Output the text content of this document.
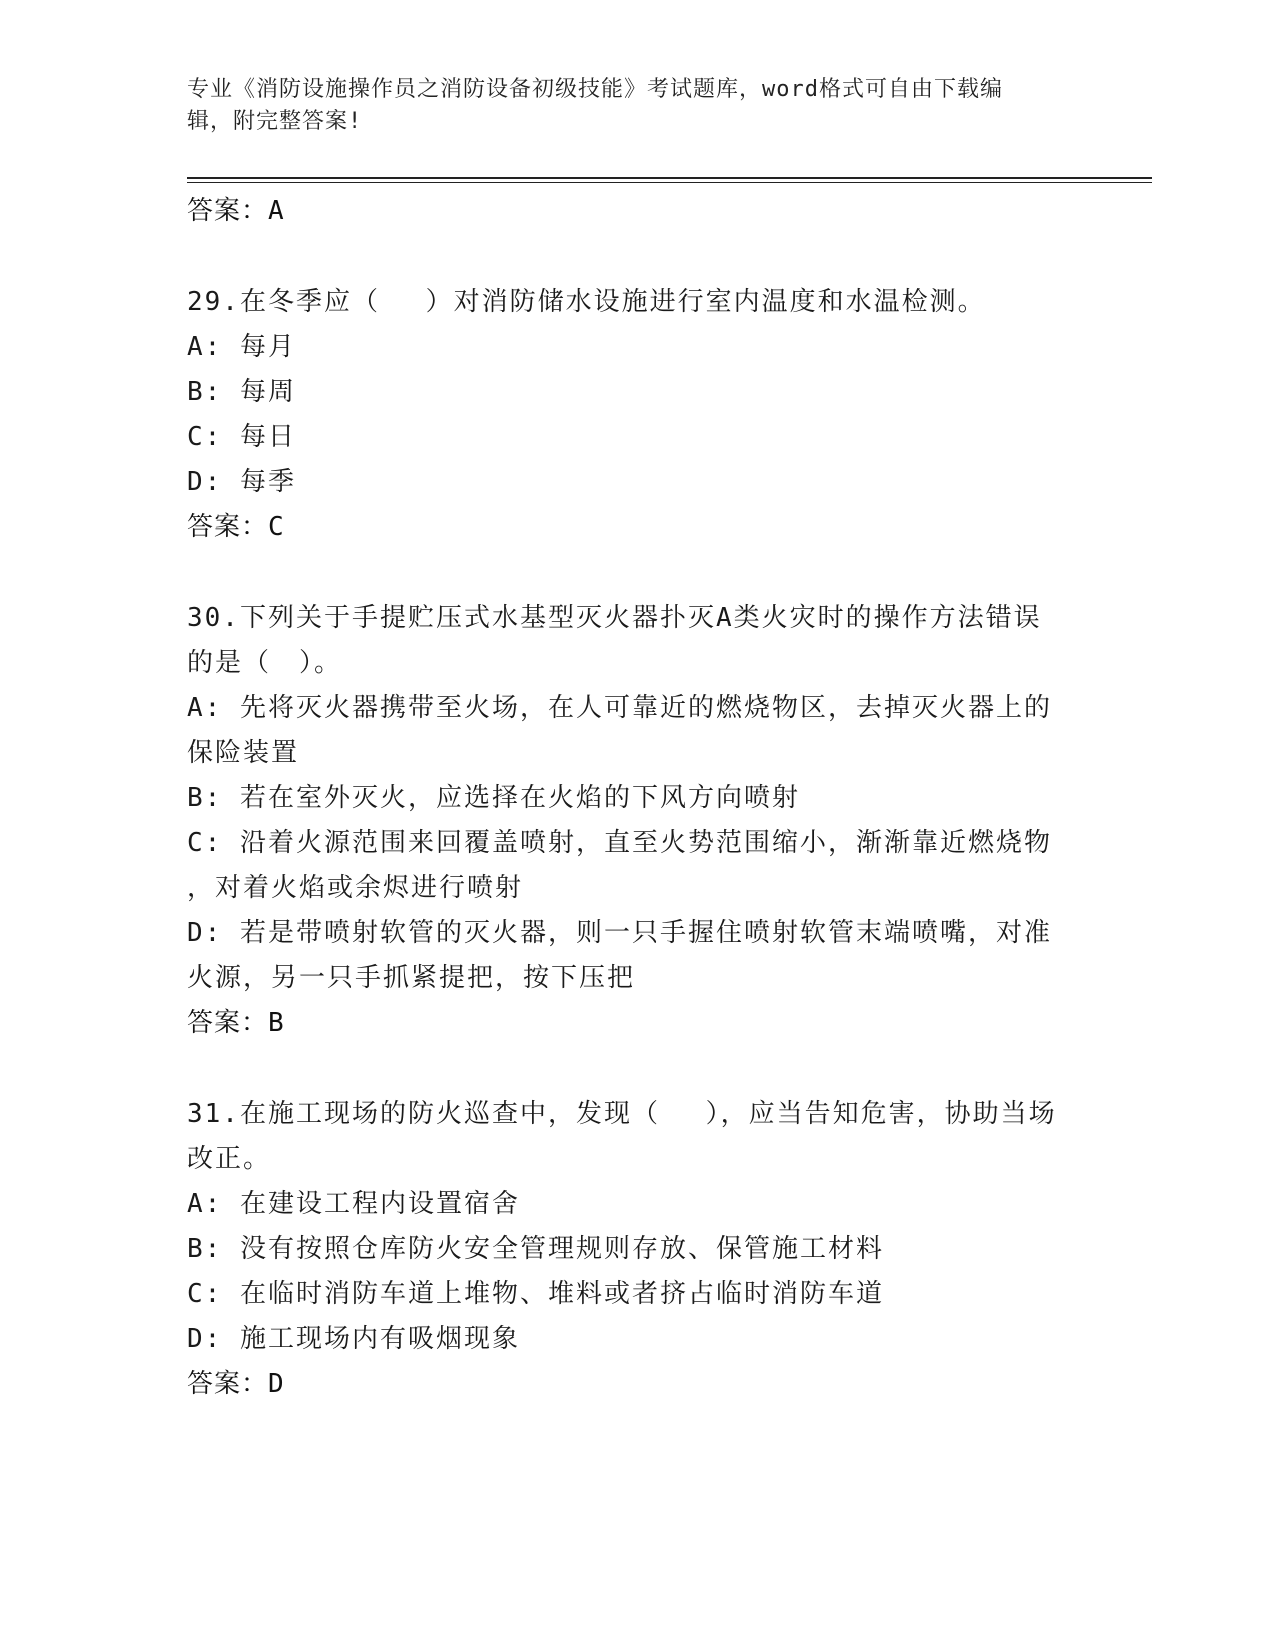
专业《消防设施操作员之消防设备初级技能》考试题库，word格式可自由下载编
辑，附完整答案!
答案：A
29.在冬季应（　 ）对消防储水设施进行室内温度和水温检测。
A: 每月
B: 每周
C: 每日
D: 每季
答案：C
30.下列关于手提贮压式水基型灭火器扑灭A类火灾时的操作方法错误
的是（　）。
A: 先将灭火器携带至火场，在人可靠近的燃烧物区，去掉灭火器上的
保险装置
B: 若在室外灭火，应选择在火焰的下风方向喷射
C: 沿着火源范围来回覆盖喷射，直至火势范围缩小，渐渐靠近燃烧物
，对着火焰或余烬进行喷射
D: 若是带喷射软管的灭火器，则一只手握住喷射软管末端喷嘴，对准
火源，另一只手抓紧提把，按下压把
答案：B
31.在施工现场的防火巡查中，发现（　 ），应当告知危害，协助当场
改正。
A: 在建设工程内设置宿舍
B: 没有按照仓库防火安全管理规则存放、保管施工材料
C: 在临时消防车道上堆物、堆料或者挤占临时消防车道
D: 施工现场内有吸烟现象
答案：D
